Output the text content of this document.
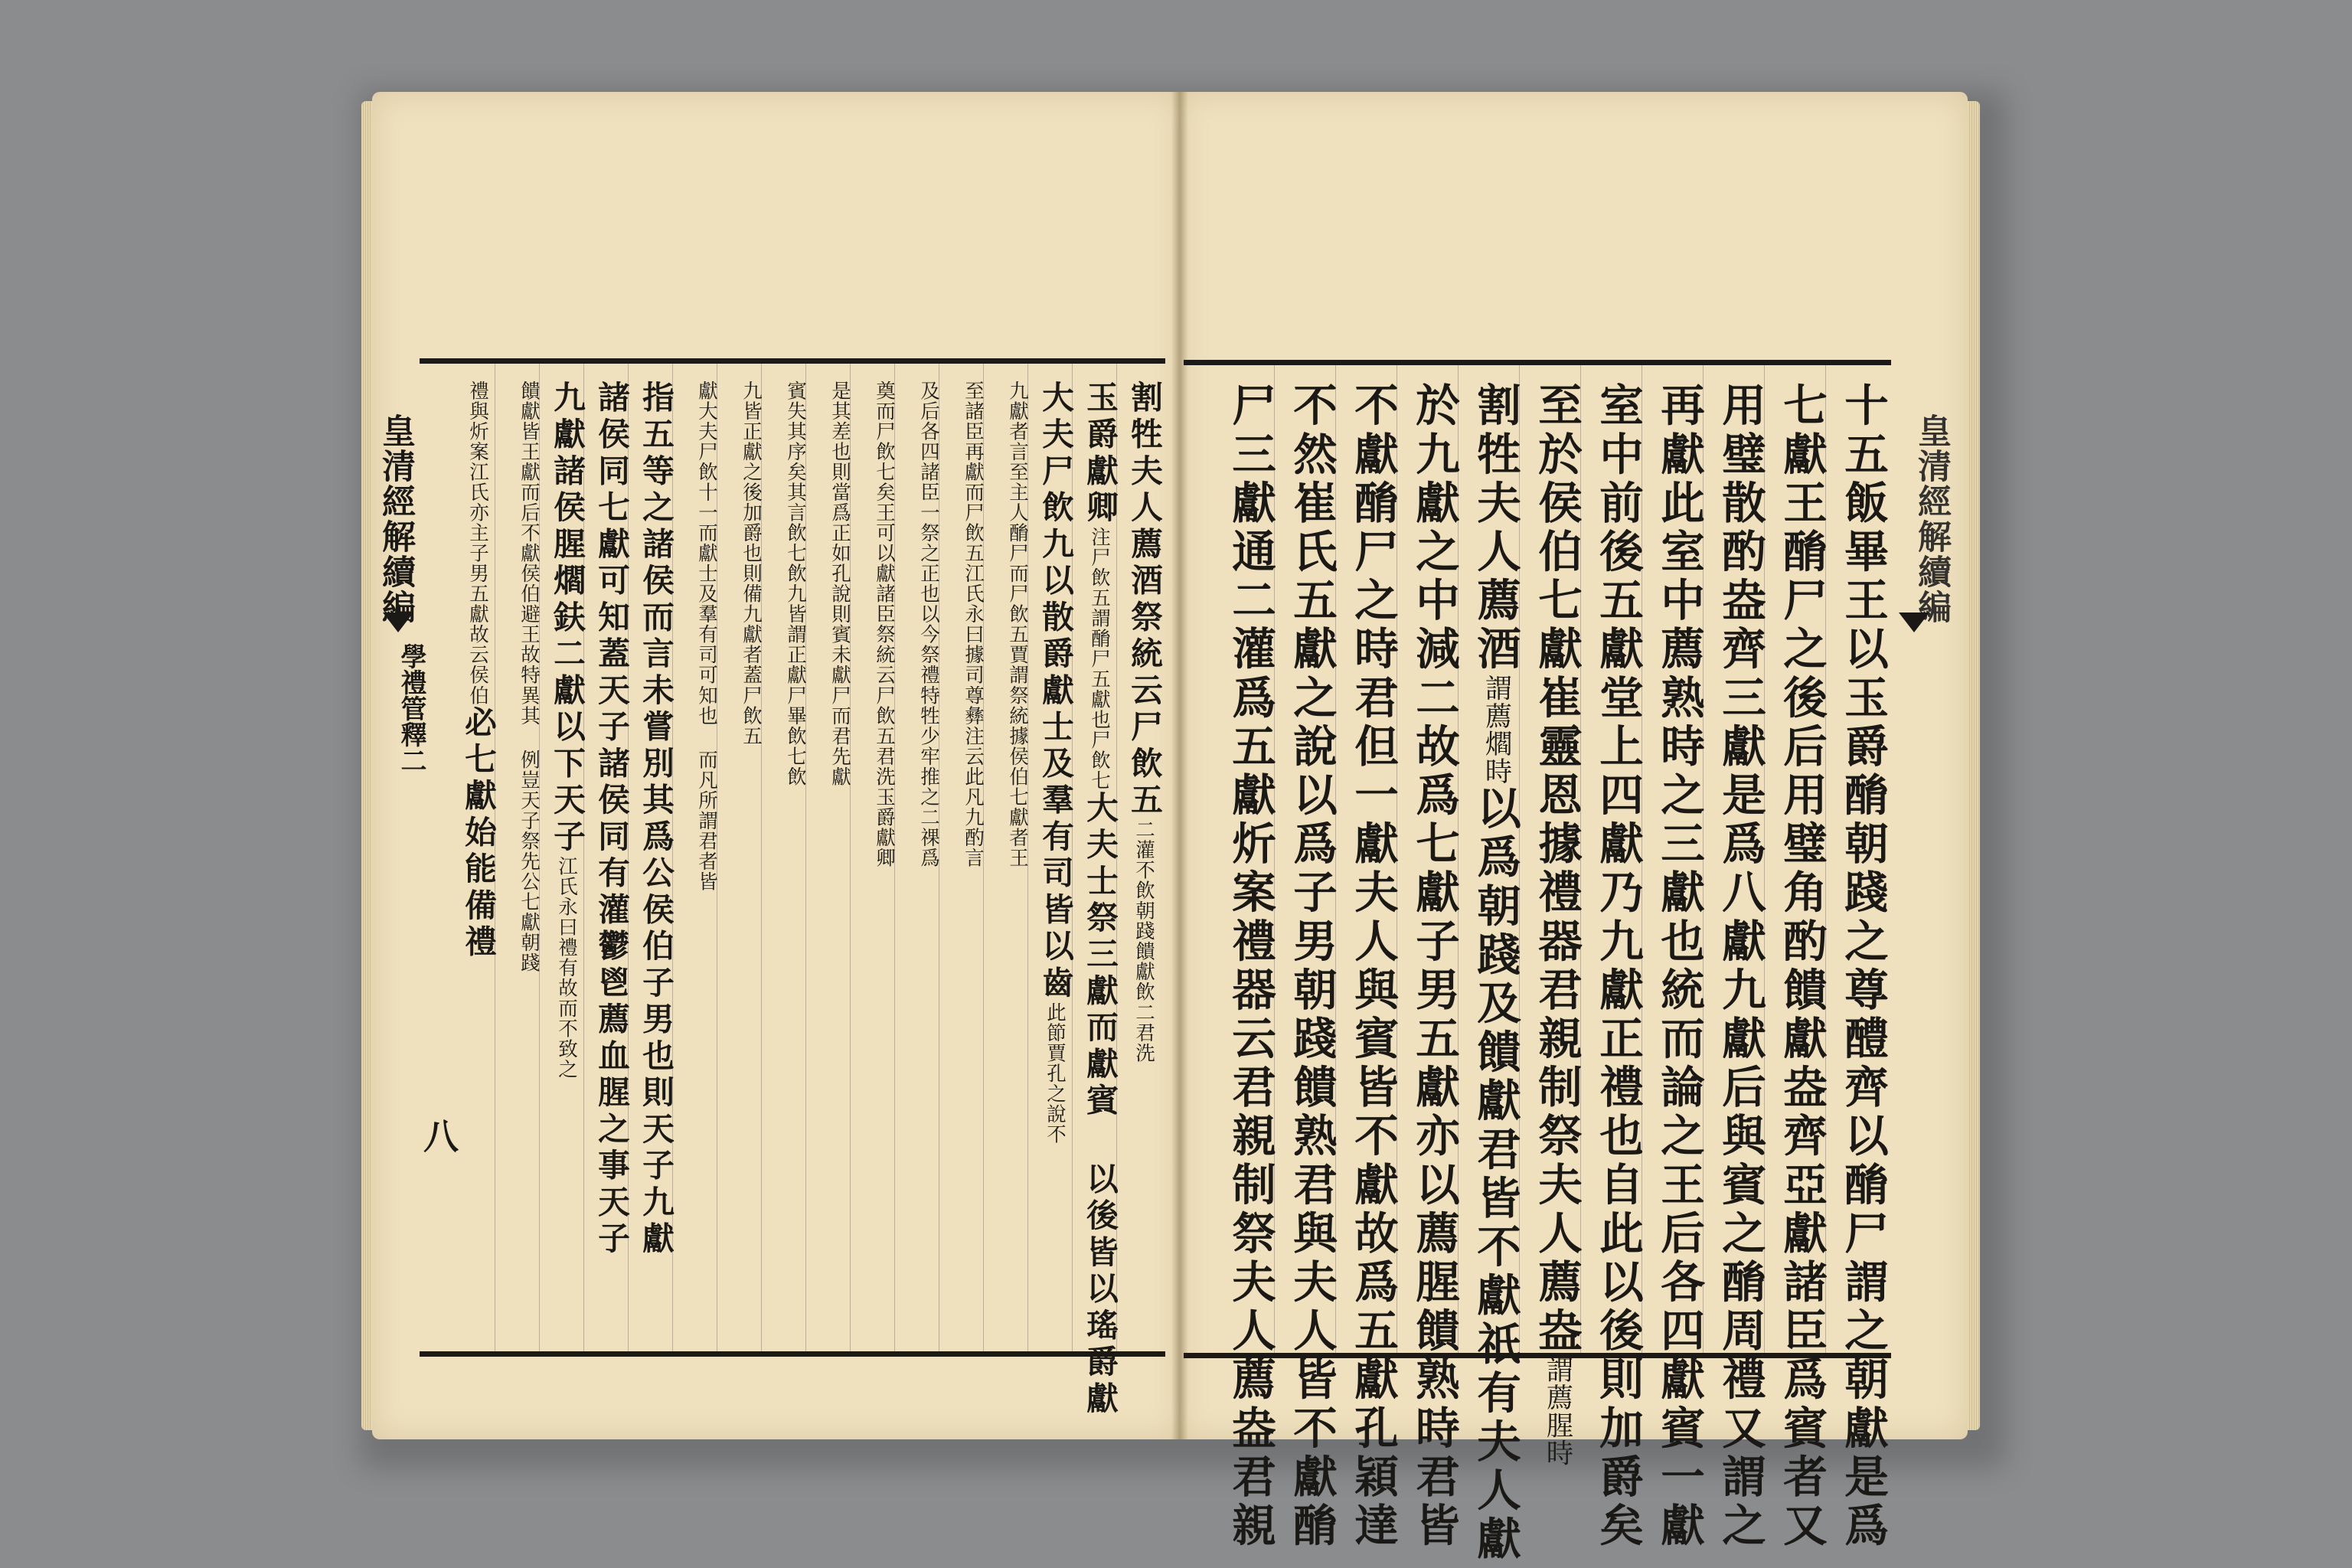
皇清經解續編
學禮管釋二
八
皇清經解續編
割牲夫人薦酒祭統云尸飲五二灌不飲朝踐饋獻飲二君洗
玉爵獻卿注尸飲五謂酳尸五獻也尸飲七大夫士祭三獻而獻賓 以後皆以瑤爵獻
大夫尸飲九以散爵獻士及羣有司皆以齒此節賈孔之說不
九獻者言至主人酳尸而尸飲五賈謂祭統據侯伯七獻者王
至諸臣再獻而尸飲五江氏永曰據司尊彝注云此凡九酌言
及后各四諸臣一祭之正也以今祭禮特牲少牢推之二祼爲
奠而尸飲七矣王可以獻諸臣祭統云尸飲五君洗玉爵獻卿
是其差也則當爲正如孔說則賓未獻尸而君先獻
賓失其序矣其言飲七飲九皆謂正獻尸畢飲七飲
九皆正獻之後加爵也則備九獻者蓋尸飲五
獻大夫尸飲十一而獻士及羣有司可知也 而凡所謂君者皆
指五等之諸侯而言未嘗別其爲公侯伯子男也則天子九獻
諸侯同七獻可知蓋天子諸侯同有灌鬱鬯薦血腥之事天子
九獻諸侯腥爓鈇二獻以下天子江氏永曰禮有故而不致之
饋獻皆王獻而后不獻侯伯避王故特異其 例豈天子祭先公七獻朝踐
禮與炘案江氏亦主子男五獻故云侯伯必七獻始能備禮	十五飯畢王以玉爵酳朝踐之尊醴齊以酳尸謂之朝獻是爲
七獻王酳尸之後后用璧角酌饋獻盎齊亞獻諸臣爲賓者又
用璧散酌盎齊三獻是爲八獻九獻后與賓之酳周禮又謂之
再獻此室中薦熟時之三獻也統而論之王后各四獻賓一獻
室中前後五獻堂上四獻乃九獻正禮也自此以後則加爵矣
至於侯伯七獻崔靈恩據禮器君親制祭夫人薦盎謂薦腥時
割牲夫人薦酒謂薦爓時以爲朝踐及饋獻君皆不獻祇有夫人獻
於九獻之中減二故爲七獻子男五獻亦以薦腥饋熟時君皆
不獻酳尸之時君但一獻夫人與賓皆不獻故爲五獻孔穎達
不然崔氏五獻之說以爲子男朝踐饋熟君與夫人皆不獻酳
尸三獻通二灌爲五獻炘案禮器云君親制祭夫人薦盎君親
